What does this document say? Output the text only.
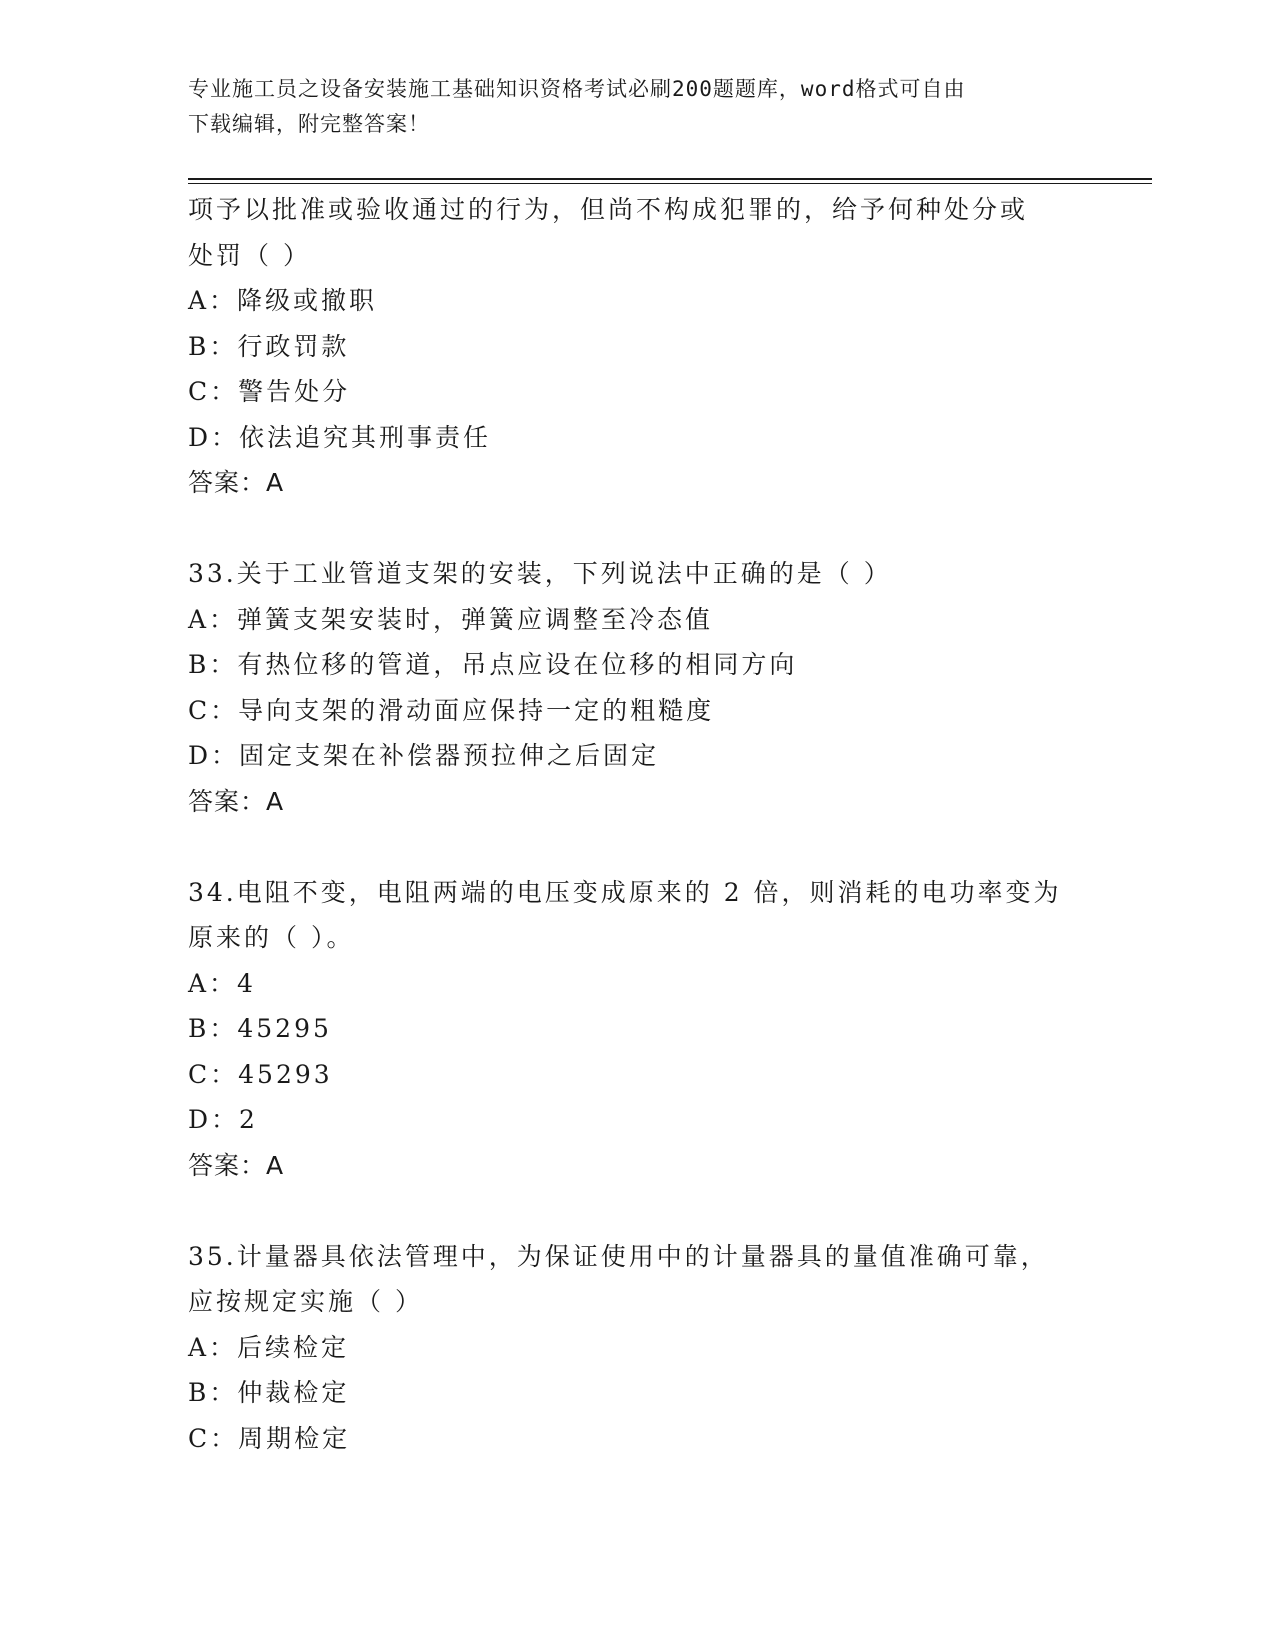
专业施工员之设备安装施工基础知识资格考试必刷200题题库，word格式可自由
下载编辑，附完整答案！
项予以批准或验收通过的行为，但尚不构成犯罪的，给予何种处分或
处罚（ ）
A：降级或撤职
B：行政罚款
C：警告处分
D：依法追究其刑事责任
答案：A
33.关于工业管道支架的安装，下列说法中正确的是（ ）
A：弹簧支架安装时，弹簧应调整至冷态值
B：有热位移的管道，吊点应设在位移的相同方向
C：导向支架的滑动面应保持一定的粗糙度
D：固定支架在补偿器预拉伸之后固定
答案：A
34.电阻不变，电阻两端的电压变成原来的 2 倍，则消耗的电功率变为
原来的（ ）。
A：4
B：45295
C：45293
D：2
答案：A
35.计量器具依法管理中，为保证使用中的计量器具的量值准确可靠，
应按规定实施（ ）
A：后续检定
B：仲裁检定
C：周期检定
